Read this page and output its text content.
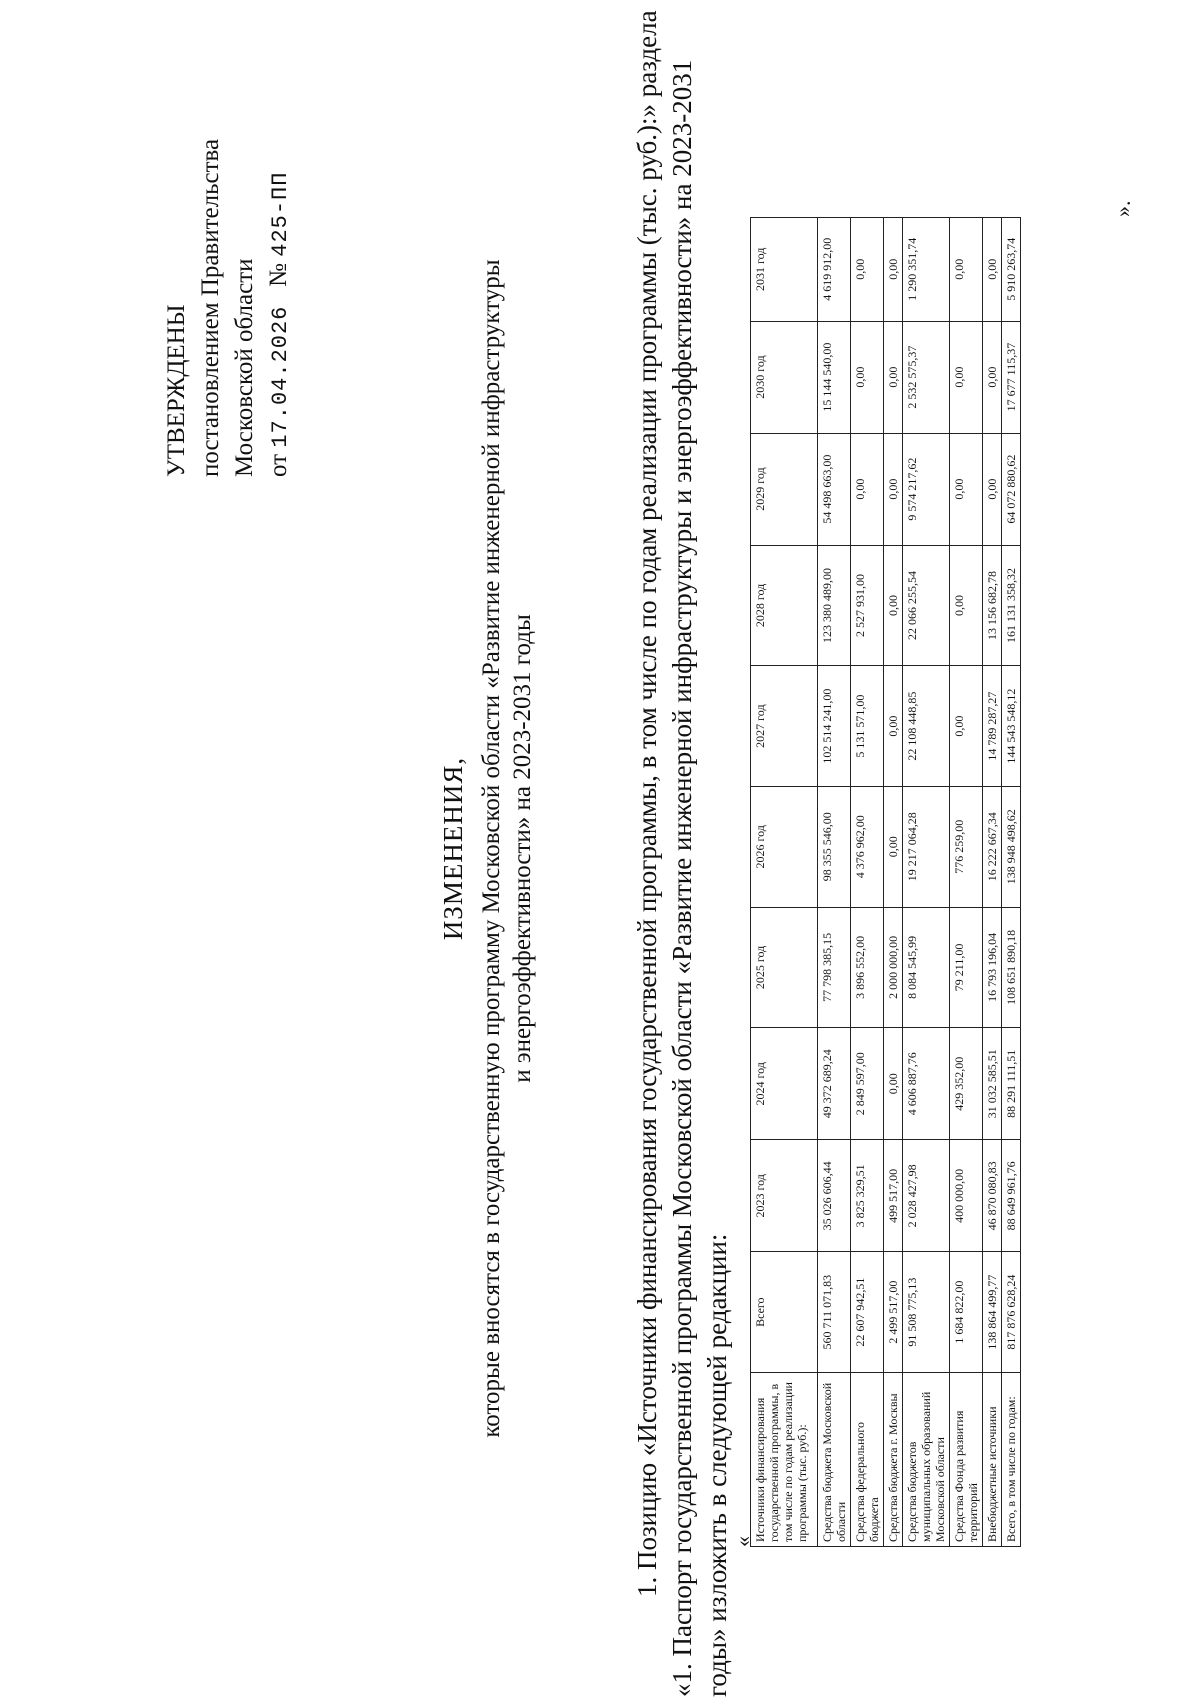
УТВЕРЖДЕНЫ постановлением Правительства Московской области от 17.04.2026   № 425-ПП
ИЗМЕНЕНИЯ, которые вносятся в государственную программу Московской области «Развитие инженерной инфраструктуры и энергоэффективности» на 2023-2031 годы	1. Позицию «Источники финансирования государственной программы, в том числе по годам реализации программы (тыс. руб.):» раздела «1. Паспорт государственной программы Московской области «Развитие инженерной инфраструктуры и энергоэффективности» на 2023-2031 годы» изложить в следующей редакции:
«
Источники финансирования государственной программы, в том числе по годам реализации программы (тыс. руб.):	Всего	2023 год	2024 год	2025 год	2026 год	2027 год	2028 год	2029 год	2030 год	2031 год
Средства бюджета Московской области	560 711 071,83	35 026 606,44	49 372 689,24	77 798 385,15	98 355 546,00	102 514 241,00	123 380 489,00	54 498 663,00	15 144 540,00	4 619 912,00
Средства федерального бюджета	22 607 942,51	3 825 329,51	2 849 597,00	3 896 552,00	4 376 962,00	5 131 571,00	2 527 931,00	0,00	0,00	0,00
Средства бюджета г. Москвы	2 499 517,00	499 517,00	0,00	2 000 000,00	0,00	0,00	0,00	0,00	0,00	0,00
Средства бюджетов муниципальных образований Московской области	91 508 775,13	2 028 427,98	4 606 887,76	8 084 545,99	19 217 064,28	22 108 448,85	22 066 255,54	9 574 217,62	2 532 575,37	1 290 351,74
Средства Фонда развития территорий	1 684 822,00	400 000,00	429 352,00	79 211,00	776 259,00	0,00	0,00	0,00	0,00	0,00
Внебюджетные источники	138 864 499,77	46 870 080,83	31 032 585,51	16 793 196,04	16 222 667,34	14 789 287,27	13 156 682,78	0,00	0,00	0,00
Всего, в том числе по годам:	817 876 628,24	88 649 961,76	88 291 111,51	108 651 890,18	138 948 498,62	144 543 548,12	161 131 358,32	64 072 880,62	17 677 115,37	5 910 263,74
».
